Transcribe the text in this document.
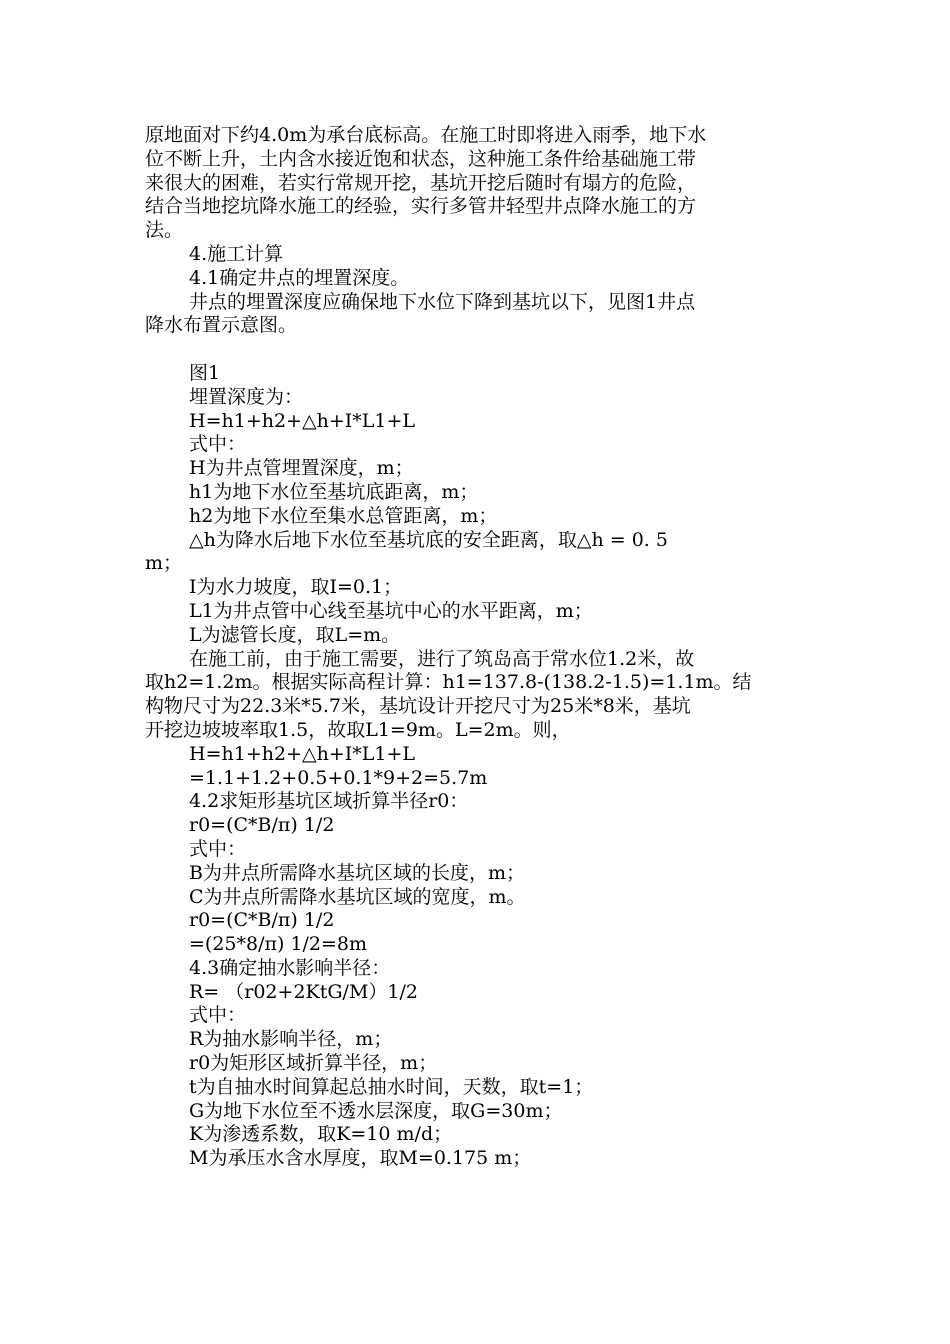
原地面对下约4.0m为承台底标高。在施工时即将进入雨季，地下水
位不断上升，土内含水接近饱和状态，这种施工条件给基础施工带
来很大的困难，若实行常规开挖，基坑开挖后随时有塌方的危险，
结合当地挖坑降水施工的经验，实行多管井轻型井点降水施工的方
法。
4.施工计算
4.1确定井点的埋置深度。
井点的埋置深度应确保地下水位下降到基坑以下，见图1井点
降水布置示意图。
图1
埋置深度为：
H=h1+h2+△h+I*L1+L
式中：
H为井点管埋置深度，m；
h1为地下水位至基坑底距离，m；
h2为地下水位至集水总管距离，m；
△h为降水后地下水位至基坑底的安全距离，取△h = 0. 5
m；
I为水力坡度，取I=0.1；
L1为井点管中心线至基坑中心的水平距离，m；
L为滤管长度，取L=m。
在施工前，由于施工需要，进行了筑岛高于常水位1.2米，故
取h2=1.2m。根据实际高程计算：h1=137.8-(138.2-1.5)=1.1m。结
构物尺寸为22.3米*5.7米，基坑设计开挖尺寸为25米*8米，基坑
开挖边坡坡率取1.5，故取L1=9m。L=2m。则，
H=h1+h2+△h+I*L1+L
=1.1+1.2+0.5+0.1*9+2=5.7m
4.2求矩形基坑区域折算半径r0：
r0=(C*B/π) 1/2
式中：
B为井点所需降水基坑区域的长度，m；
C为井点所需降水基坑区域的宽度，m。
r0=(C*B/π) 1/2
=(25*8/π) 1/2=8m
4.3确定抽水影响半径：
R= （r02+2KtG/M）1/2
式中：
R为抽水影响半径，m；
r0为矩形区域折算半径，m；
t为自抽水时间算起总抽水时间，天数，取t=1；
G为地下水位至不透水层深度，取G=30m；
K为渗透系数，取K=10 m/d；
M为承压水含水厚度，取M=0.175 m；
